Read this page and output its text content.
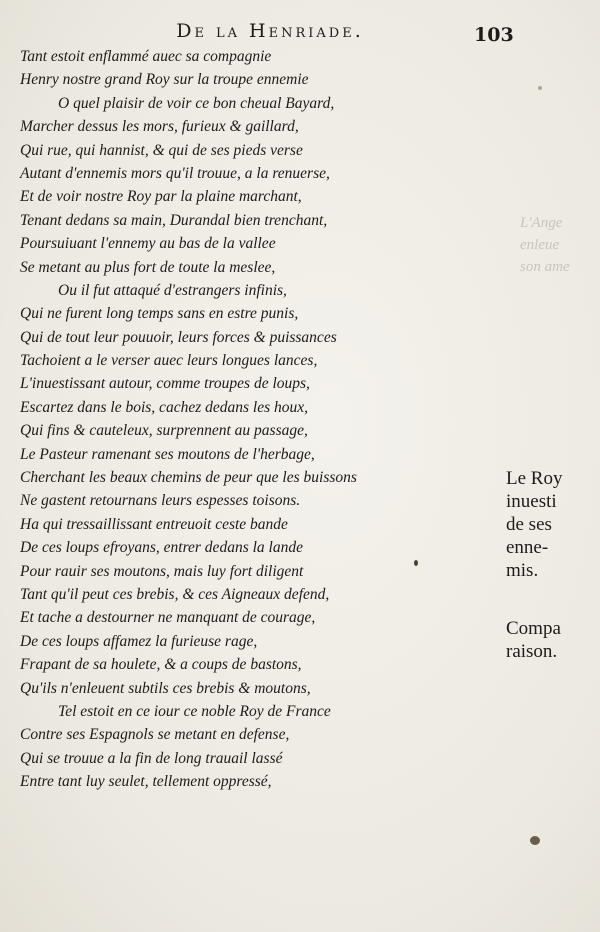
L'Ange
enleue
son ame
De la Henriade.	103
Tant estoit enflammé auec sa compagnie
Henry nostre grand Roy sur la troupe ennemie
O quel plaisir de voir ce bon cheual Bayard,
Marcher dessus les mors, furieux & gaillard,
Qui rue, qui hannist, & qui de ses pieds verse
Autant d'ennemis mors qu'il trouue, a la renuerse,
Et de voir nostre Roy par la plaine marchant,
Tenant dedans sa main, Durandal bien trenchant,
Poursuiuant l'ennemy au bas de la vallee
Se metant au plus fort de toute la meslee,
Ou il fut attaqué d'estrangers infinis,
Qui ne furent long temps sans en estre punis,
Qui de tout leur pouuoir, leurs forces & puissances
Tachoient a le verser auec leurs longues lances,
L'inuestissant autour, comme troupes de loups,
Escartez dans le bois, cachez dedans les houx,
Qui fins & cauteleux, surprennent au passage,
Le Pasteur ramenant ses moutons de l'herbage,
Cherchant les beaux chemins de peur que les buissons
Ne gastent retournans leurs espesses toisons.
Ha qui tressaillissant entreuoit ceste bande
De ces loups efroyans, entrer dedans la lande
Pour rauir ses moutons, mais luy fort diligent
Tant qu'il peut ces brebis, & ces Aigneaux defend,
Et tache a destourner ne manquant de courage,
De ces loups affamez la furieuse rage,
Frapant de sa houlete, & a coups de bastons,
Qu'ils n'enleuent subtils ces brebis & moutons,
Tel estoit en ce iour ce noble Roy de France
Contre ses Espagnols se metant en defense,
Qui se trouue a la fin de long trauail lassé
Entre tant luy seulet, tellement oppressé,
Le Roy
inuesti
de ses
enne-
mis.
Compa
raison.
